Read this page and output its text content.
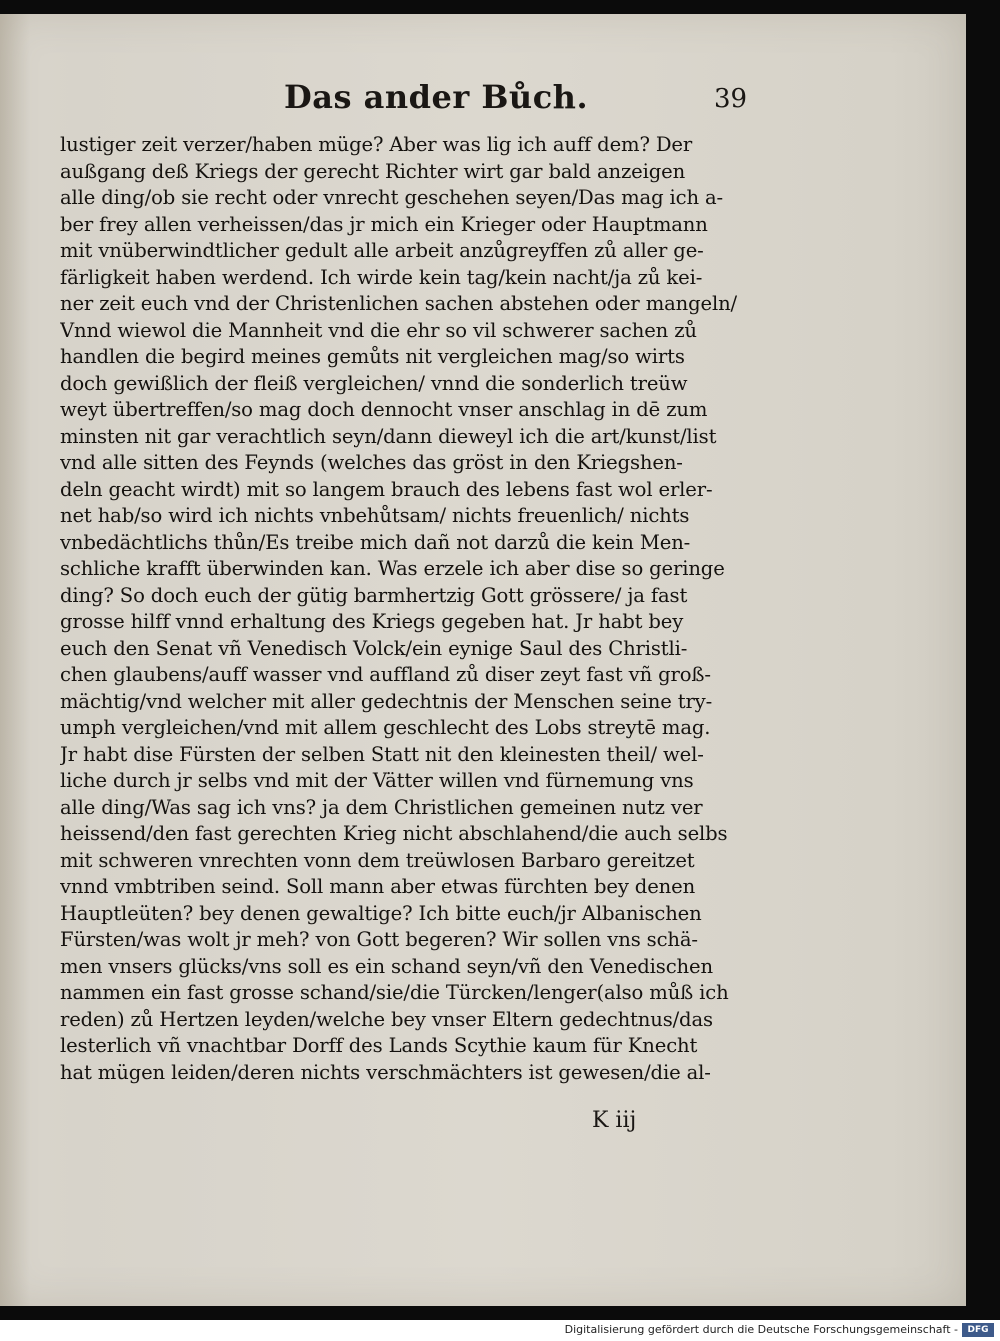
Das ander Bůch.	39
lustiger zeit verzer/haben müge? Aber was lig ich auff dem? Der
außgang deß Kriegs der gerecht Richter wirt gar bald anzeigen
alle ding/ob sie recht oder vnrecht geschehen seyen/Das mag ich a-
ber frey allen verheissen/das jr mich ein Krieger oder Hauptmann
mit vnüberwindtlicher gedult alle arbeit anzůgreyffen zů aller ge-
färligkeit haben werdend. Ich wirde kein tag/kein nacht/ja zů kei-
ner zeit euch vnd der Christenlichen sachen abstehen oder mangeln/
Vnnd wiewol die Mannheit vnd die ehr so vil schwerer sachen zů
handlen die begird meines gemůts nit vergleichen mag/so wirts
doch gewißlich der fleiß vergleichen/ vnnd die sonderlich treüw
weyt übertreffen/so mag doch dennocht vnser anschlag in dē zum
minsten nit gar verachtlich seyn/dann dieweyl ich die art/kunst/list
vnd alle sitten des Feynds (welches das gröst in den Kriegshen-
deln geacht wirdt) mit so langem brauch des lebens fast wol erler-
net hab/so wird ich nichts vnbehůtsam/ nichts freuenlich/ nichts
vnbedächtlichs thůn/Es treibe mich dañ not darzů die kein Men-
schliche krafft überwinden kan. Was erzele ich aber dise so geringe
ding? So doch euch der gütig barmhertzig Gott grössere/ ja fast
grosse hilff vnnd erhaltung des Kriegs gegeben hat. Jr habt bey
euch den Senat vñ Venedisch Volck/ein eynige Saul des Christli-
chen glaubens/auff wasser vnd auffland zů diser zeyt fast vñ groß-
mächtig/vnd welcher mit aller gedechtnis der Menschen seine try-
umph vergleichen/vnd mit allem geschlecht des Lobs streytē mag.
Jr habt dise Fürsten der selben Statt nit den kleinesten theil/ wel-
liche durch jr selbs vnd mit der Vätter willen vnd fürnemung vns
alle ding/Was sag ich vns? ja dem Christlichen gemeinen nutz ver
heissend/den fast gerechten Krieg nicht abschlahend/die auch selbs
mit schweren vnrechten vonn dem treüwlosen Barbaro gereitzet
vnnd vmbtriben seind. Soll mann aber etwas fürchten bey denen
Hauptleüten? bey denen gewaltige? Ich bitte euch/jr Albanischen
Fürsten/was wolt jr meh? von Gott begeren? Wir sollen vns schä-
men vnsers glücks/vns soll es ein schand seyn/vñ den Venedischen
nammen ein fast grosse schand/sie/die Türcken/lenger(also můß ich
reden) zů Hertzen leyden/welche bey vnser Eltern gedechtnus/das
lesterlich vñ vnachtbar Dorff des Lands Scythie kaum für Knecht
hat mügen leiden/deren nichts verschmächters ist gewesen/die al-
K iij
Digitalisierung gefördert durch die Deutsche Forschungsgemeinschaft -	DFG
